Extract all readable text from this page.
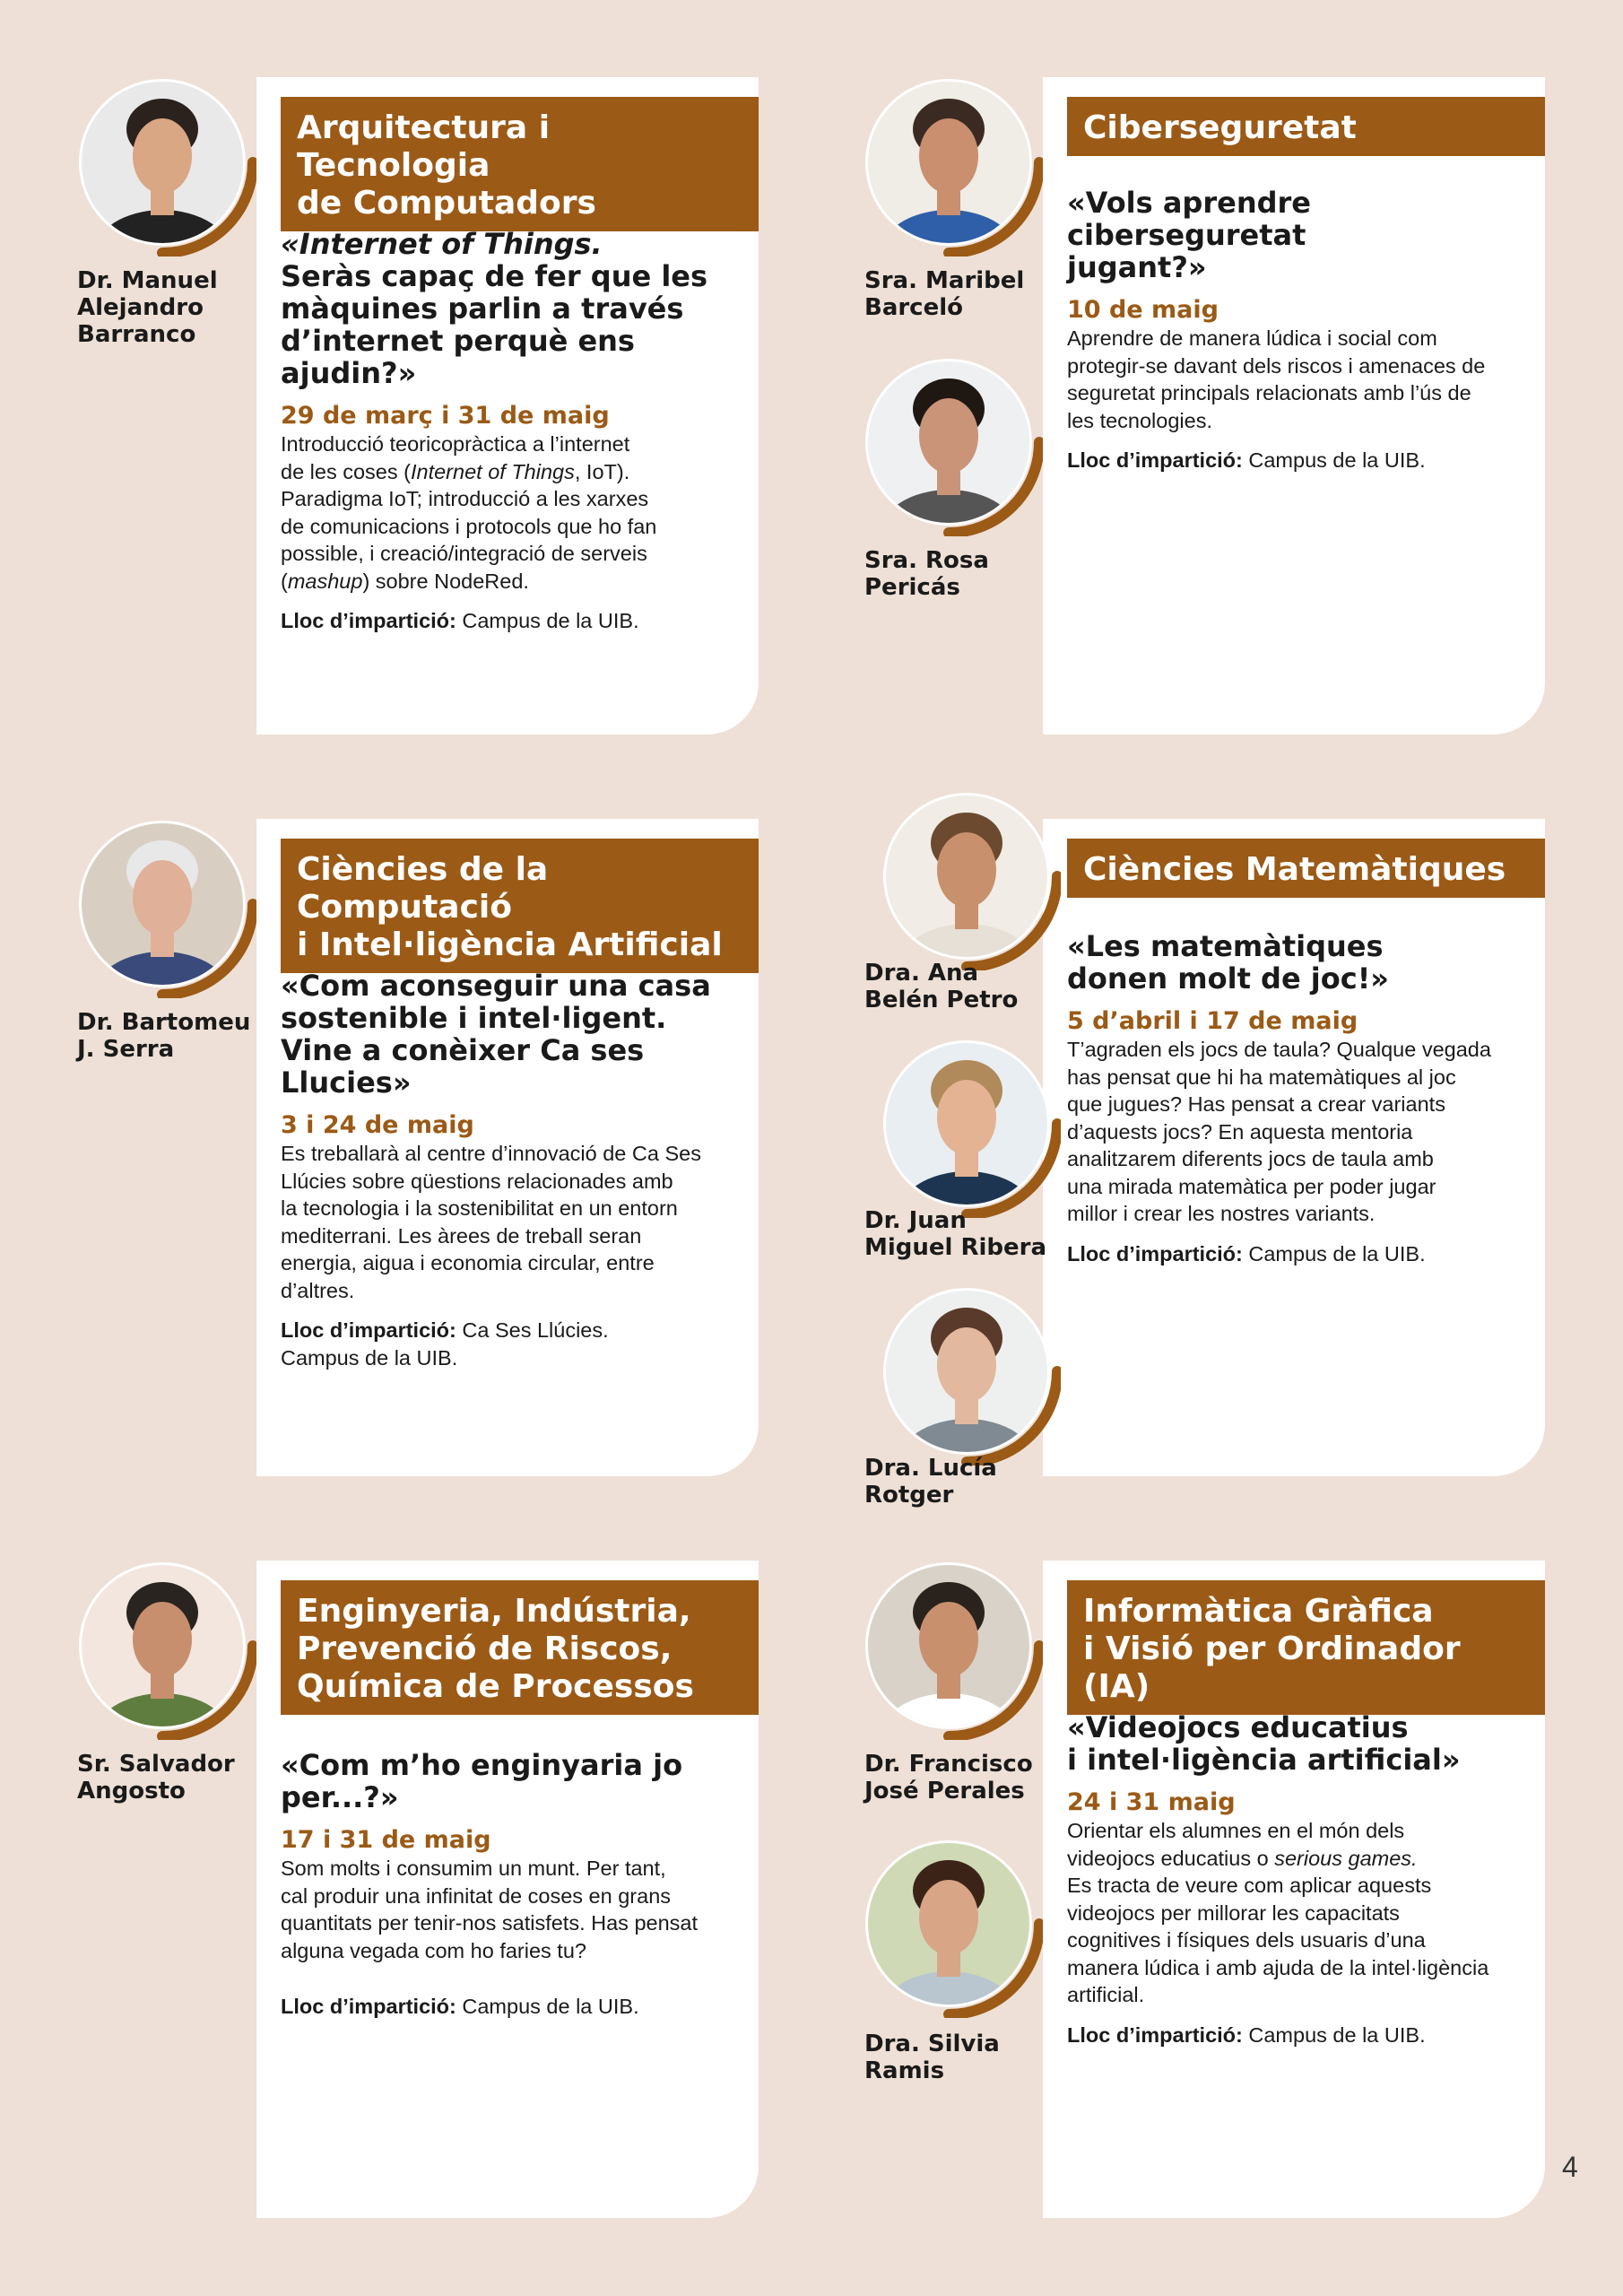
Arquitectura i Tecnologia
de Computadors
«Internet of Things.
Seràs capaç de fer que les
màquines parlin a través
d’internet perquè ens ajudin?»
29 de març i 31 de maig
Introducció teoricopràctica a l’internet
de les coses (Internet of Things, IoT).
Paradigma IoT; introducció a les xarxes
de comunicacions i protocols que ho fan
possible, i creació/integració de serveis
(mashup) sobre NodeRed.
Lloc d’impartició: Campus de la UIB.
Ciberseguretat
«Vols aprendre ciberseguretat
jugant?»
10 de maig
Aprendre de manera lúdica i social com
protegir-se davant dels riscos i amenaces de
seguretat principals relacionats amb l’ús de
les tecnologies.
Lloc d’impartició: Campus de la UIB.
Ciències de la Computació
i Intel·ligència Artificial
«Com aconseguir una casa
sostenible i intel·ligent.
Vine a conèixer Ca ses Llucies»
3 i 24 de maig
Es treballarà al centre d’innovació de Ca Ses
Llúcies sobre qüestions relacionades amb
la tecnologia i la sostenibilitat en un entorn
mediterrani. Les àrees de treball seran
energia, aigua i economia circular, entre
d’altres.
Lloc d’impartició: Ca Ses Llúcies.
Campus de la UIB.
Ciències Matemàtiques
«Les matemàtiques
donen molt de joc!»
5 d’abril i 17 de maig
T’agraden els jocs de taula? Qualque vegada
has pensat que hi ha matemàtiques al joc
que jugues? Has pensat a crear variants
d’aquests jocs? En aquesta mentoria
analitzarem diferents jocs de taula amb
una mirada matemàtica per poder jugar
millor i crear les nostres variants.
Lloc d’impartició: Campus de la UIB.
Enginyeria, Indústria,
Prevenció de Riscos,
Química de Processos
«Com m’ho enginyaria jo per...?»
17 i 31 de maig
Som molts i consumim un munt. Per tant,
cal produir una infinitat de coses en grans
quantitats per tenir-nos satisfets. Has pensat
alguna vegada com ho faries tu?
Lloc d’impartició: Campus de la UIB.
Informàtica Gràfica
i Visió per Ordinador (IA)
«Videojocs educatius
i intel·ligència artificial»
24 i 31 maig
Orientar els alumnes en el món dels
videojocs educatius o serious games.
Es tracta de veure com aplicar aquests
videojocs per millorar les capacitats
cognitives i físiques dels usuaris d’una
manera lúdica i amb ajuda de la intel·ligència
artificial.
Lloc d’impartició: Campus de la UIB.
Dr. Manuel
Alejandro
Barranco
Sra. Maribel
Barceló
Sra. Rosa
Pericás
Dr. Bartomeu
J. Serra
Dra. Ana
Belén Petro
Dr. Juan
Miguel Ribera
Dra. Lucía
Rotger
Sr. Salvador
Angosto
Dr. Francisco
José Perales
Dra. Silvia
Ramis
4
